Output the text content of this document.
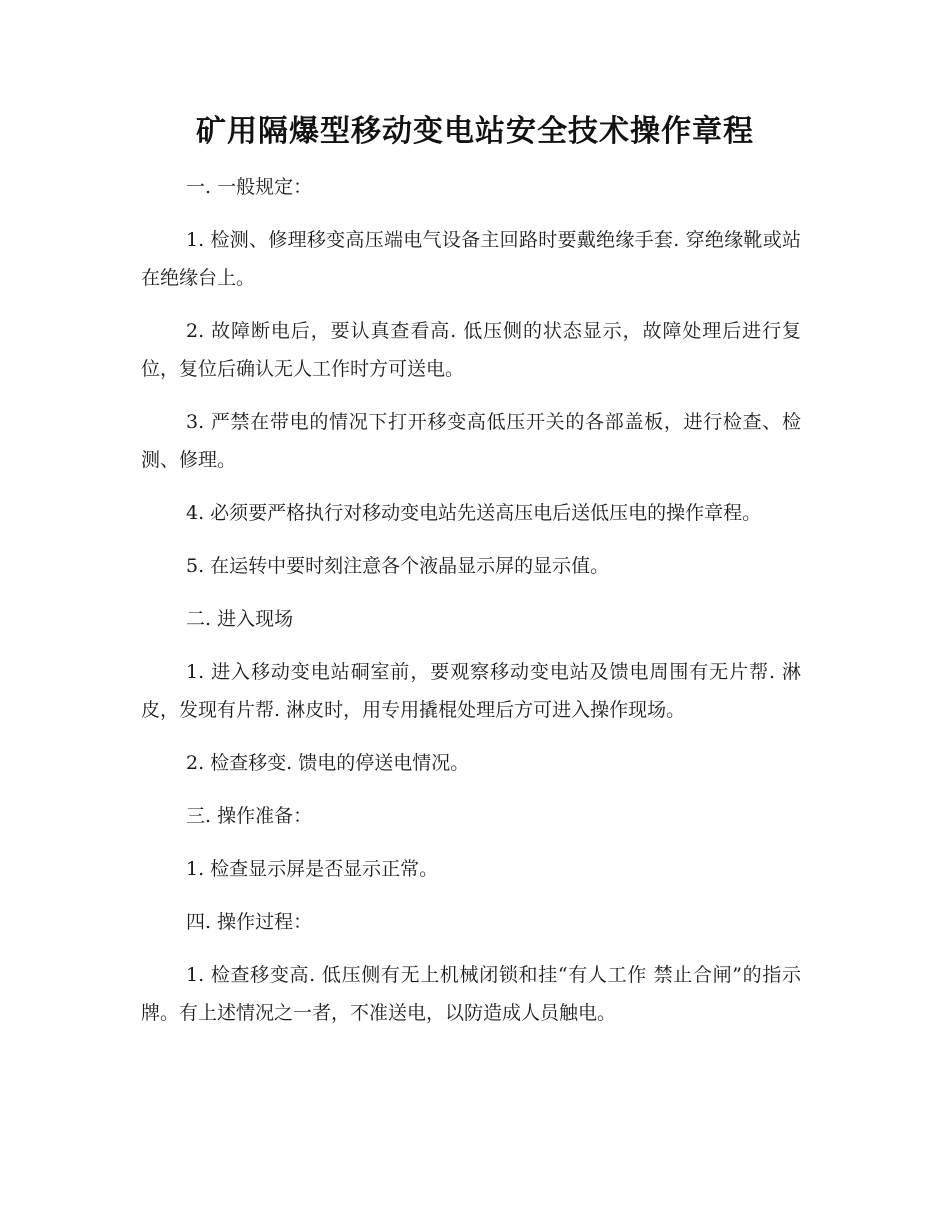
矿用隔爆型移动变电站安全技术操作章程

一. 一般规定：

1. 检测、修理移变高压端电气设备主回路时要戴绝缘手套. 穿绝缘靴或站在绝缘台上。

2. 故障断电后，要认真查看高. 低压侧的状态显示，故障处理后进行复位，复位后确认无人工作时方可送电。

3. 严禁在带电的情况下打开移变高低压开关的各部盖板，进行检查、检测、修理。

4. 必须要严格执行对移动变电站先送高压电后送低压电的操作章程。

5. 在运转中要时刻注意各个液晶显示屏的显示值。

二. 进入现场

1. 进入移动变电站硐室前，要观察移动变电站及馈电周围有无片帮. 淋皮，发现有片帮. 淋皮时，用专用撬棍处理后方可进入操作现场。

2. 检查移变. 馈电的停送电情况。

三. 操作准备：

1. 检查显示屏是否显示正常。

四. 操作过程：

1. 检查移变高. 低压侧有无上机械闭锁和挂“有人工作 禁止合闸”的指示牌。有上述情况之一者，不准送电，以防造成人员触电。
